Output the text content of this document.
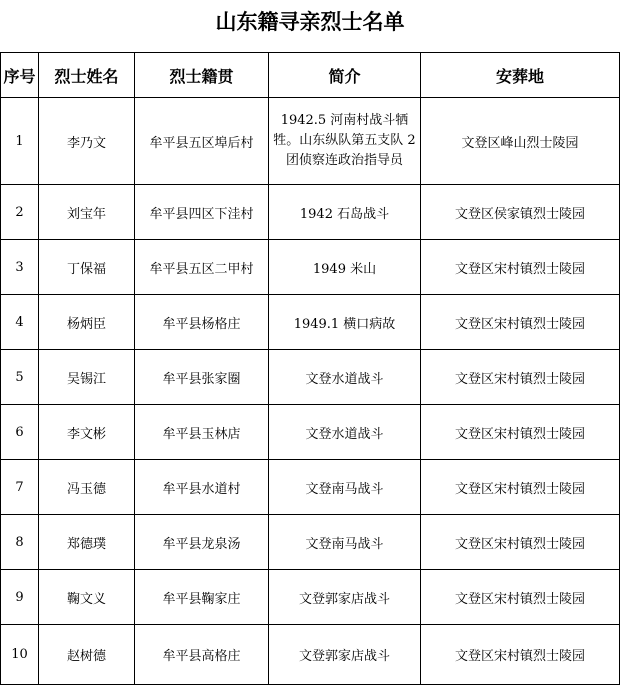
山东籍寻亲烈士名单
序号	烈士姓名	烈士籍贯	简介	安葬地
1	李乃文	牟平县五区埠后村	1942.5 河南村战斗牺牲。山东纵队第五支队 2 团侦察连政治指导员	文登区峰山烈士陵园
2	刘宝年	牟平县四区下洼村	1942 石岛战斗	文登区侯家镇烈士陵园
3	丁保福	牟平县五区二甲村	1949 米山	文登区宋村镇烈士陵园
4	杨炳臣	牟平县杨格庄	1949.1 横口病故	文登区宋村镇烈士陵园
5	吴锡江	牟平县张家圈	文登水道战斗	文登区宋村镇烈士陵园
6	李文彬	牟平县玉林店	文登水道战斗	文登区宋村镇烈士陵园
7	冯玉德	牟平县水道村	文登南马战斗	文登区宋村镇烈士陵园
8	郑德璞	牟平县龙泉汤	文登南马战斗	文登区宋村镇烈士陵园
9	鞠文义	牟平县鞠家庄	文登郭家店战斗	文登区宋村镇烈士陵园
10	赵树德	牟平县高格庄	文登郭家店战斗	文登区宋村镇烈士陵园
